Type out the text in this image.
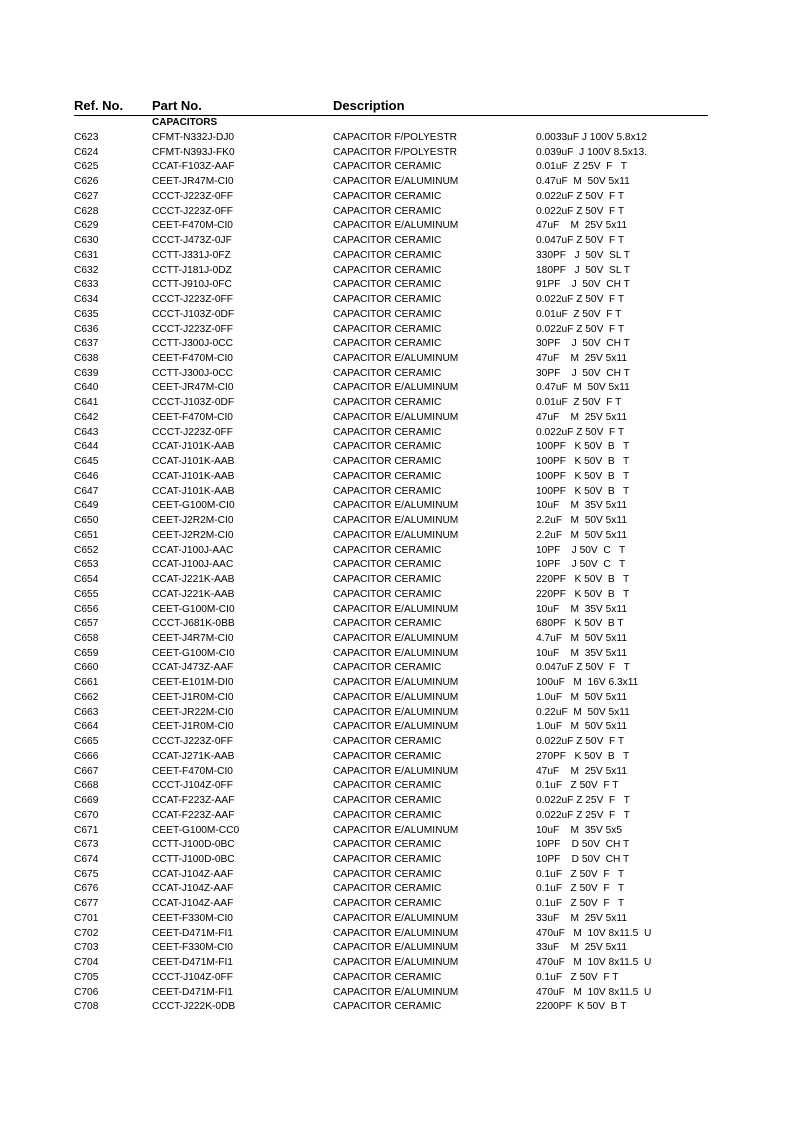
Ref. No. Part No.	Description
CAPACITORS
C623	CFMT-N332J-DJ0	CAPACITOR F/POLYESTR	0.0033uF J 100V 5.8x12
C624	CFMT-N393J-FK0	CAPACITOR F/POLYESTR	0.039uF  J 100V 8.5x13.
C625	CCAT-F103Z-AAF	CAPACITOR CERAMIC	0.01uF  Z 25V  F   T
C626	CEET-JR47M-CI0	CAPACITOR E/ALUMINUM	0.47uF  M  50V 5x11
C627	CCCT-J223Z-0FF	CAPACITOR CERAMIC	0.022uF Z 50V  F T
C628	CCCT-J223Z-0FF	CAPACITOR CERAMIC	0.022uF Z 50V  F T
C629	CEET-F470M-CI0	CAPACITOR E/ALUMINUM	47uF    M  25V 5x11
C630	CCCT-J473Z-0JF	CAPACITOR CERAMIC	0.047uF Z 50V  F T
C631	CCTT-J331J-0FZ	CAPACITOR CERAMIC	330PF   J  50V  SL T
C632	CCTT-J181J-0DZ	CAPACITOR CERAMIC	180PF   J  50V  SL T
C633	CCTT-J910J-0FC	CAPACITOR CERAMIC	91PF    J  50V  CH T
C634	CCCT-J223Z-0FF	CAPACITOR CERAMIC	0.022uF Z 50V  F T
C635	CCCT-J103Z-0DF	CAPACITOR CERAMIC	0.01uF  Z 50V  F T
C636	CCCT-J223Z-0FF	CAPACITOR CERAMIC	0.022uF Z 50V  F T
C637	CCTT-J300J-0CC	CAPACITOR CERAMIC	30PF    J  50V  CH T
C638	CEET-F470M-CI0	CAPACITOR E/ALUMINUM	47uF    M  25V 5x11
C639	CCTT-J300J-0CC	CAPACITOR CERAMIC	30PF    J  50V  CH T
C640	CEET-JR47M-CI0	CAPACITOR E/ALUMINUM	0.47uF  M  50V 5x11
C641	CCCT-J103Z-0DF	CAPACITOR CERAMIC	0.01uF  Z 50V  F T
C642	CEET-F470M-CI0	CAPACITOR E/ALUMINUM	47uF    M  25V 5x11
C643	CCCT-J223Z-0FF	CAPACITOR CERAMIC	0.022uF Z 50V  F T
C644	CCAT-J101K-AAB	CAPACITOR CERAMIC	100PF   K 50V  B   T
C645	CCAT-J101K-AAB	CAPACITOR CERAMIC	100PF   K 50V  B   T
C646	CCAT-J101K-AAB	CAPACITOR CERAMIC	100PF   K 50V  B   T
C647	CCAT-J101K-AAB	CAPACITOR CERAMIC	100PF   K 50V  B   T
C649	CEET-G100M-CI0	CAPACITOR E/ALUMINUM	10uF    M  35V 5x11
C650	CEET-J2R2M-CI0	CAPACITOR E/ALUMINUM	2.2uF   M  50V 5x11
C651	CEET-J2R2M-CI0	CAPACITOR E/ALUMINUM	2.2uF   M  50V 5x11
C652	CCAT-J100J-AAC	CAPACITOR CERAMIC	10PF    J 50V  C   T
C653	CCAT-J100J-AAC	CAPACITOR CERAMIC	10PF    J 50V  C   T
C654	CCAT-J221K-AAB	CAPACITOR CERAMIC	220PF   K 50V  B   T
C655	CCAT-J221K-AAB	CAPACITOR CERAMIC	220PF   K 50V  B   T
C656	CEET-G100M-CI0	CAPACITOR E/ALUMINUM	10uF    M  35V 5x11
C657	CCCT-J681K-0BB	CAPACITOR CERAMIC	680PF   K 50V  B T
C658	CEET-J4R7M-CI0	CAPACITOR E/ALUMINUM	4.7uF   M  50V 5x11
C659	CEET-G100M-CI0	CAPACITOR E/ALUMINUM	10uF    M  35V 5x11
C660	CCAT-J473Z-AAF	CAPACITOR CERAMIC	0.047uF Z 50V  F   T
C661	CEET-E101M-DI0	CAPACITOR E/ALUMINUM	100uF   M  16V 6.3x11
C662	CEET-J1R0M-CI0	CAPACITOR E/ALUMINUM	1.0uF   M  50V 5x11
C663	CEET-JR22M-CI0	CAPACITOR E/ALUMINUM	0.22uF  M  50V 5x11
C664	CEET-J1R0M-CI0	CAPACITOR E/ALUMINUM	1.0uF   M  50V 5x11
C665	CCCT-J223Z-0FF	CAPACITOR CERAMIC	0.022uF Z 50V  F T
C666	CCAT-J271K-AAB	CAPACITOR CERAMIC	270PF   K 50V  B   T
C667	CEET-F470M-CI0	CAPACITOR E/ALUMINUM	47uF    M  25V 5x11
C668	CCCT-J104Z-0FF	CAPACITOR CERAMIC	0.1uF   Z 50V  F T
C669	CCAT-F223Z-AAF	CAPACITOR CERAMIC	0.022uF Z 25V  F   T
C670	CCAT-F223Z-AAF	CAPACITOR CERAMIC	0.022uF Z 25V  F   T
C671	CEET-G100M-CC0	CAPACITOR E/ALUMINUM	10uF    M  35V 5x5
C673	CCTT-J100D-0BC	CAPACITOR CERAMIC	10PF    D 50V  CH T
C674	CCTT-J100D-0BC	CAPACITOR CERAMIC	10PF    D 50V  CH T
C675	CCAT-J104Z-AAF	CAPACITOR CERAMIC	0.1uF   Z 50V  F   T
C676	CCAT-J104Z-AAF	CAPACITOR CERAMIC	0.1uF   Z 50V  F   T
C677	CCAT-J104Z-AAF	CAPACITOR CERAMIC	0.1uF   Z 50V  F   T
C701	CEET-F330M-CI0	CAPACITOR E/ALUMINUM	33uF    M  25V 5x11
C702	CEET-D471M-FI1	CAPACITOR E/ALUMINUM	470uF   M  10V 8x11.5  U
C703	CEET-F330M-CI0	CAPACITOR E/ALUMINUM	33uF    M  25V 5x11
C704	CEET-D471M-FI1	CAPACITOR E/ALUMINUM	470uF   M  10V 8x11.5  U
C705	CCCT-J104Z-0FF	CAPACITOR CERAMIC	0.1uF   Z 50V  F T
C706	CEET-D471M-FI1	CAPACITOR E/ALUMINUM	470uF   M  10V 8x11.5  U
C708	CCCT-J222K-0DB	CAPACITOR CERAMIC	2200PF  K 50V  B T
